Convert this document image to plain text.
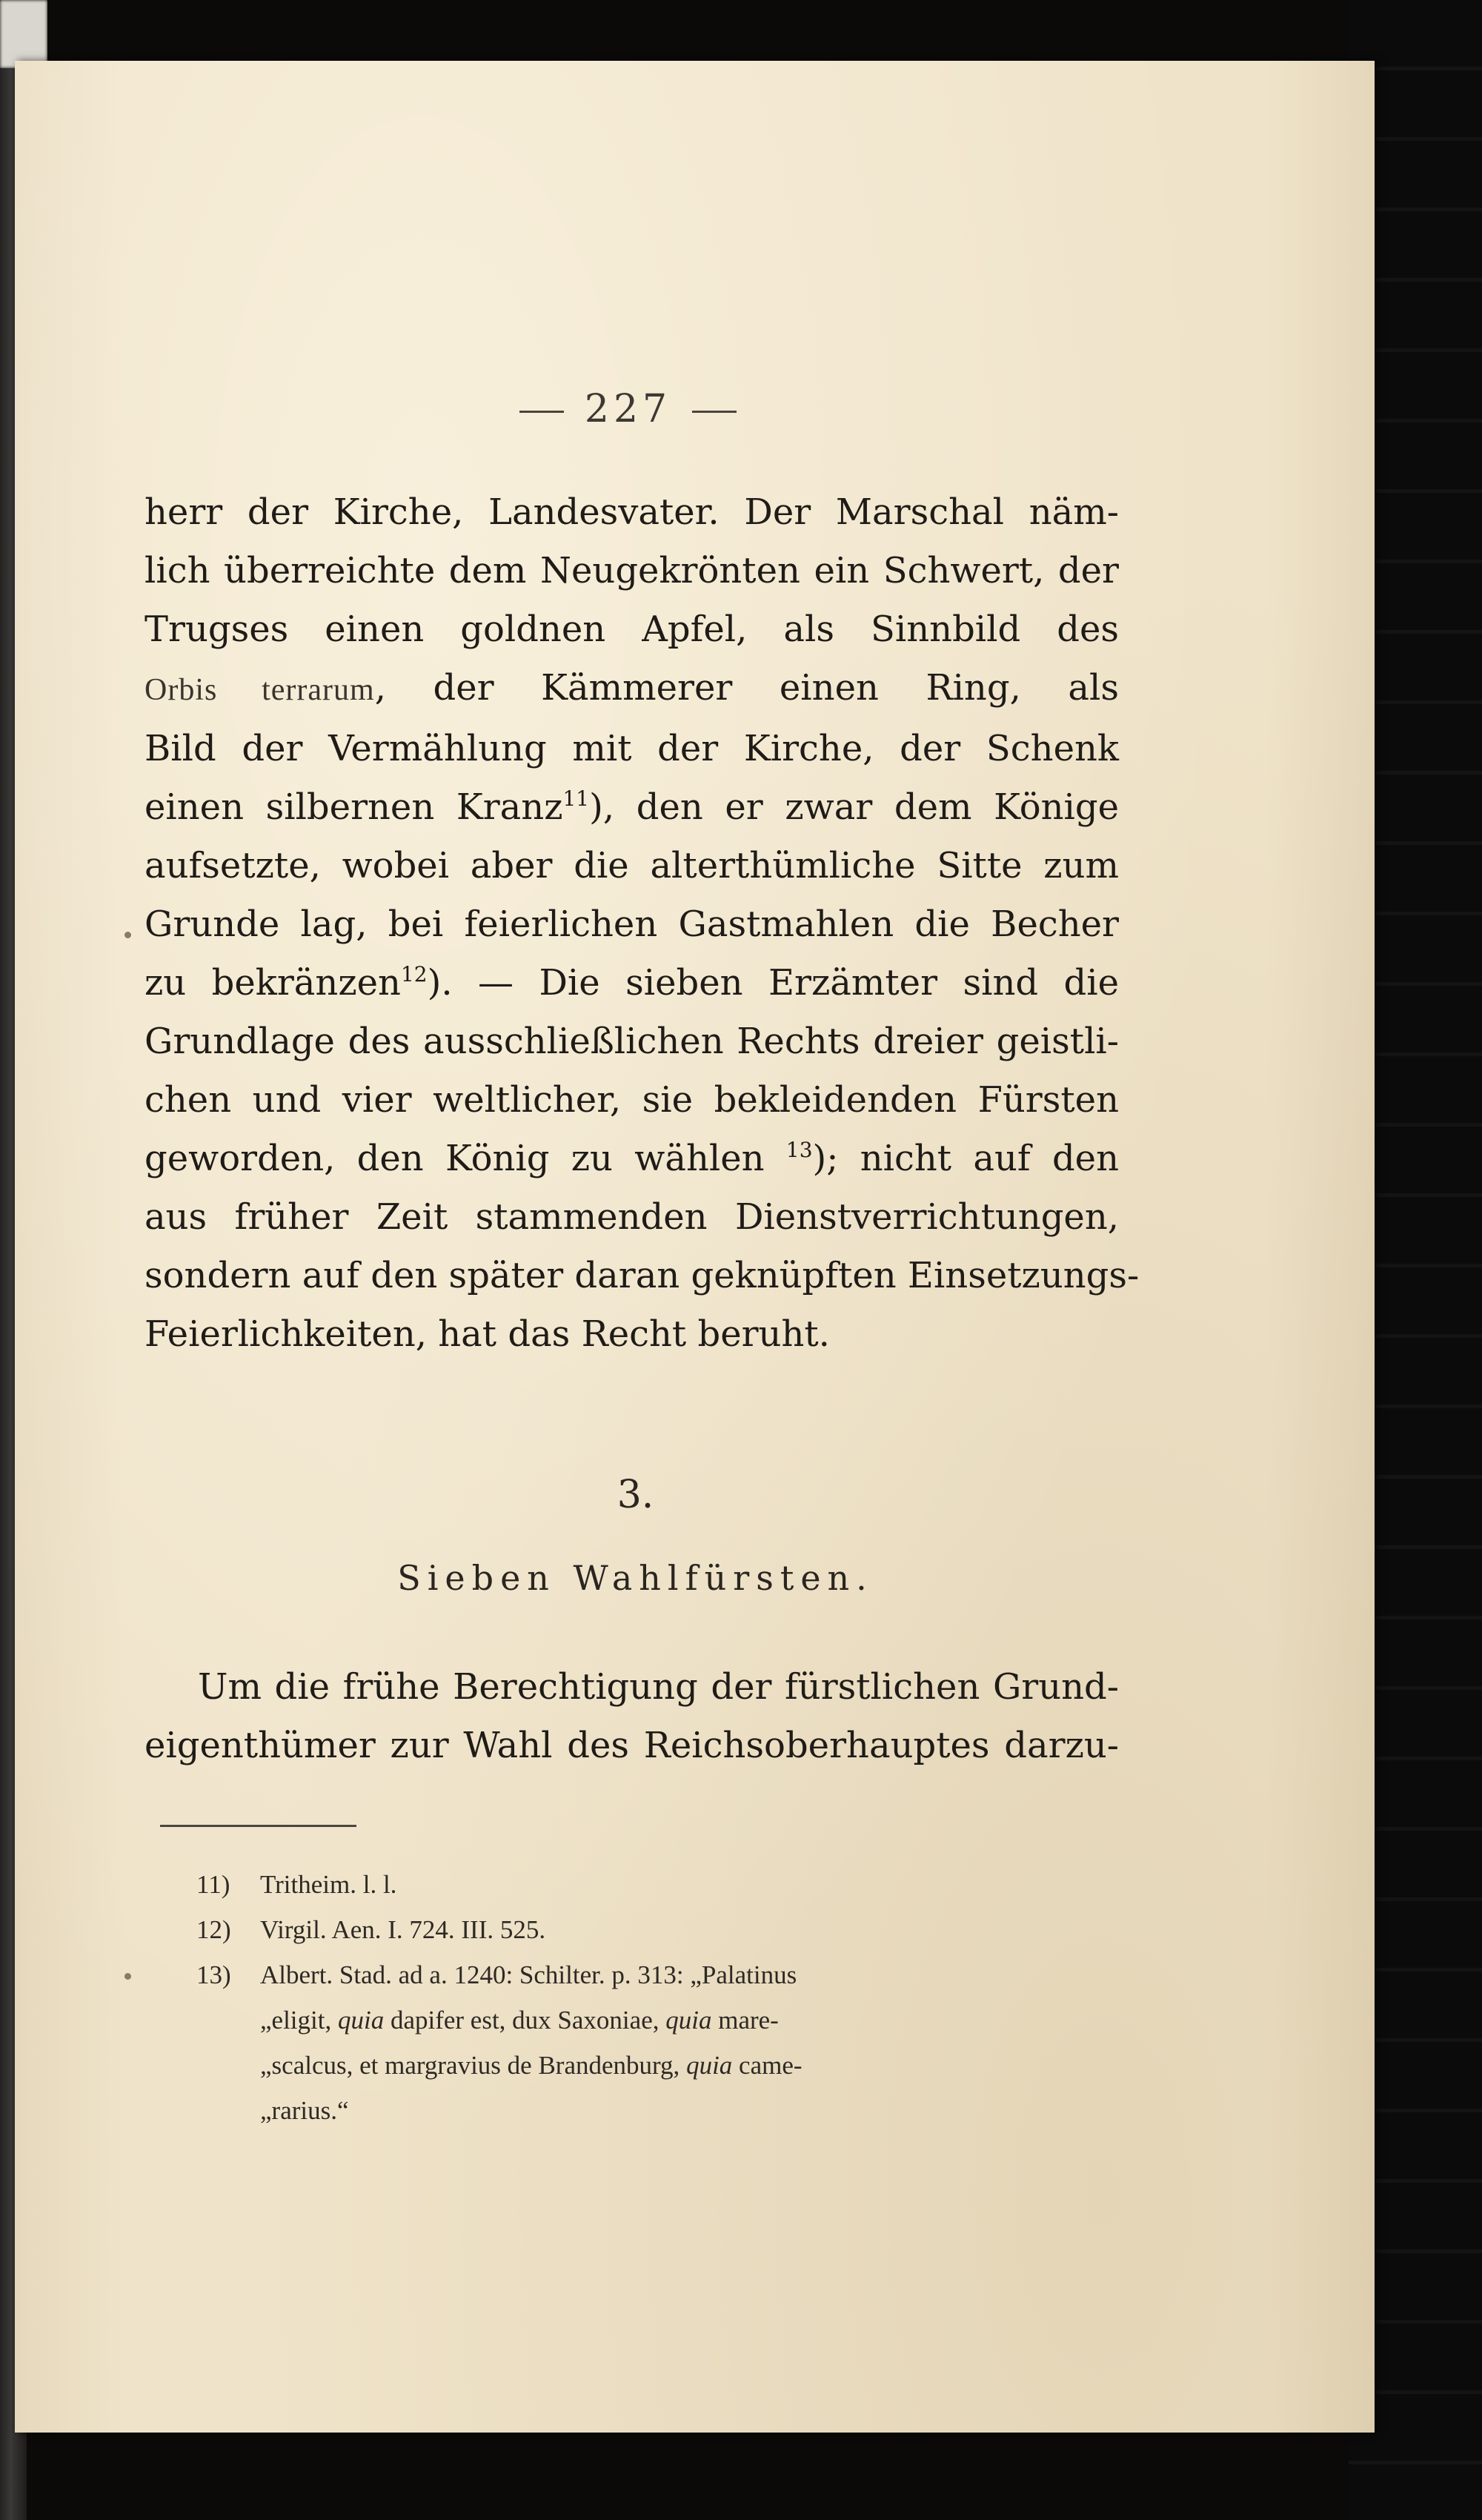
227
herr der Kirche, Landesvater. Der Marschal näm-
lich überreichte dem Neugekrönten ein Schwert, der
Trugses einen goldnen Apfel, als Sinnbild des
Orbis terrarum, der Kämmerer einen Ring, als
Bild der Vermählung mit der Kirche, der Schenk
einen silbernen Kranz$^{11}$), den er zwar dem Könige
aufsetzte, wobei aber die alterthümliche Sitte zum
Grunde lag, bei feierlichen Gastmahlen die Becher
zu bekränzen$^{12}$). — Die sieben Erzämter sind die
Grundlage des ausschließlichen Rechts dreier geistli-
chen und vier weltlicher, sie bekleidenden Fürsten
geworden, den König zu wählen $^{13}$); nicht auf den
aus früher Zeit stammenden Dienstverrichtungen,
sondern auf den später daran geknüpften Einsetzungs-
Feierlichkeiten, hat das Recht beruht.
3.
Sieben Wahlfürsten.
Um die frühe Berechtigung der fürstlichen Grund-
eigenthümer zur Wahl des Reichsoberhauptes darzu-
11) Tritheim. l. l.
12) Virgil. Aen. I. 724. III. 525.
13) Albert. Stad. ad a. 1240: Schilter. p. 313: „Palatinus
„eligit, quia dapifer est, dux Saxoniae, quia mare-
„scalcus, et margravius de Brandenburg, quia came-
„rarius.“
